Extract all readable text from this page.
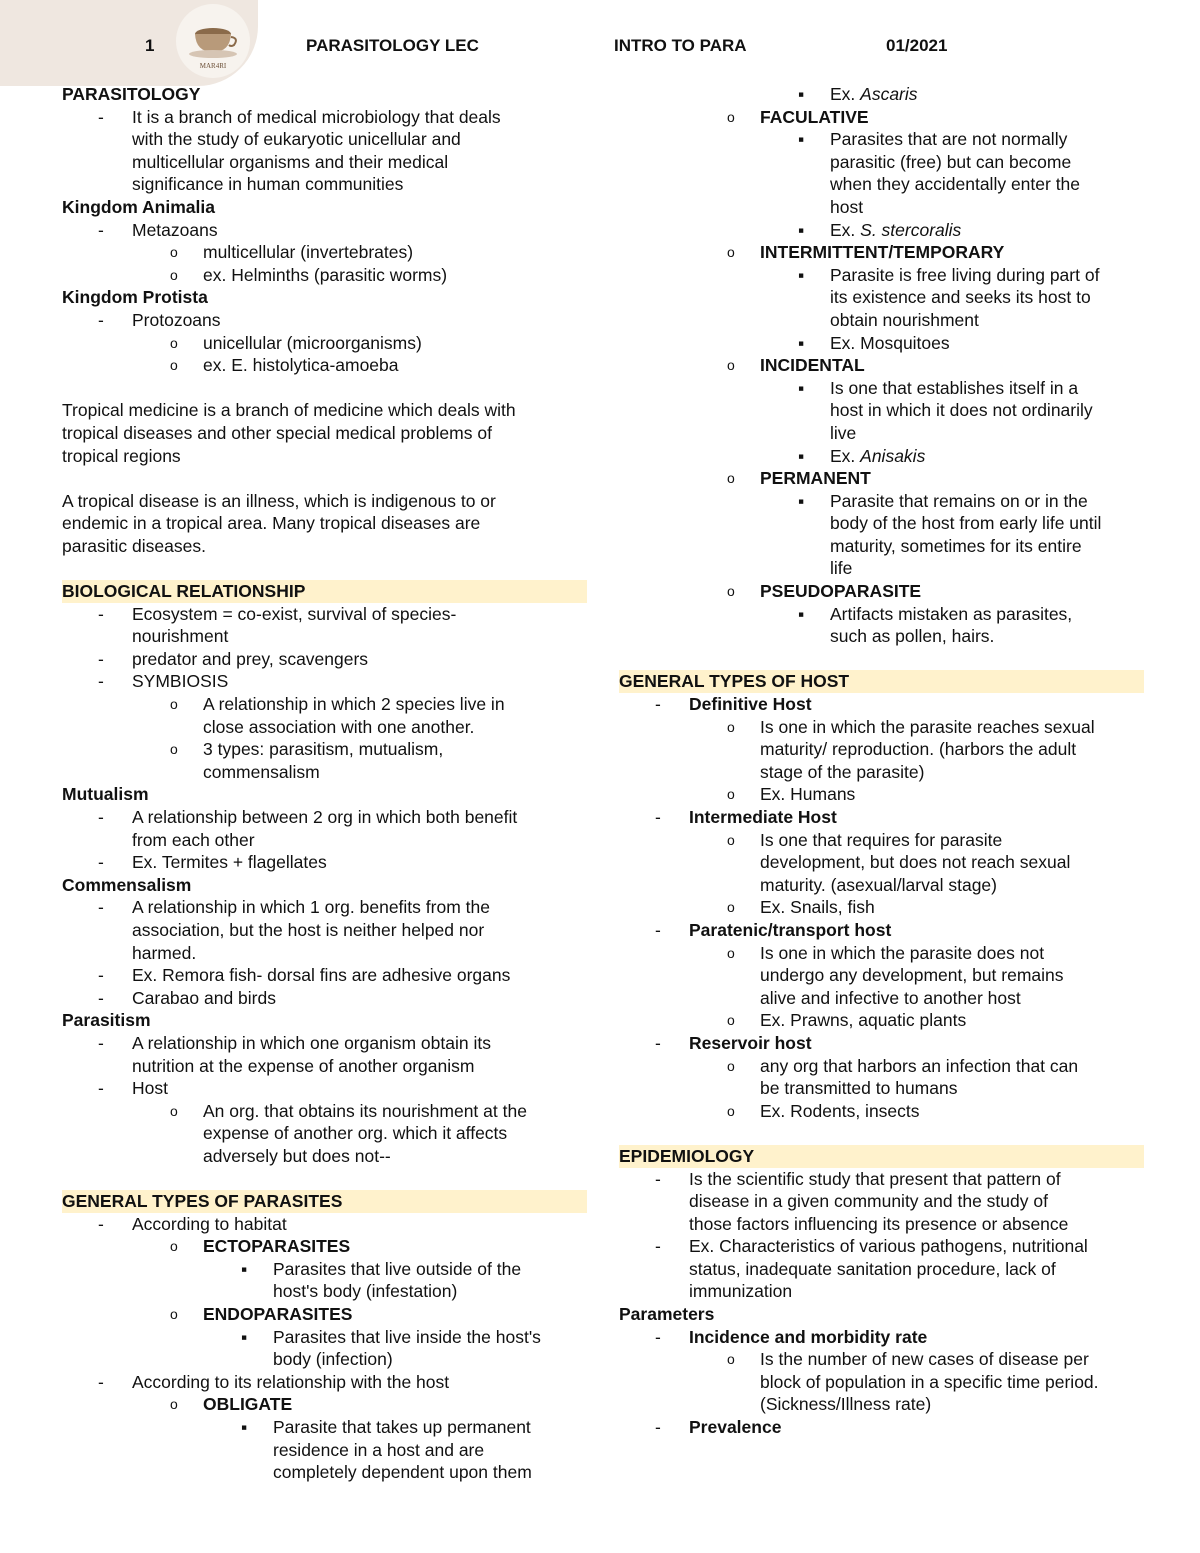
MAR4RI
1	PARASITOLOGY LEC	INTRO TO PARA	01/2021
PARASITOLOGY
- It is a branch of medical microbiology that deals
with the study of eukaryotic unicellular and
multicellular organisms and their medical
significance in human communities
Kingdom Animalia
- Metazoans
o multicellular (invertebrates)
o ex. Helminths (parasitic worms)
Kingdom Protista
- Protozoans
o unicellular (microorganisms)
o ex. E. histolytica-amoeba
Tropical medicine is a branch of medicine which deals with
tropical diseases and other special medical problems of
tropical regions
A tropical disease is an illness, which is indigenous to or
endemic in a tropical area. Many tropical diseases are
parasitic diseases.
BIOLOGICAL RELATIONSHIP
- Ecosystem = co-exist, survival of species-
nourishment
- predator and prey, scavengers
- SYMBIOSIS
o A relationship in which 2 species live in
close association with one another.
o 3 types: parasitism, mutualism,
commensalism
Mutualism
- A relationship between 2 org in which both benefit
from each other
- Ex. Termites + flagellates
Commensalism
- A relationship in which 1 org. benefits from the
association, but the host is neither helped nor
harmed.
- Ex. Remora fish- dorsal fins are adhesive organs
- Carabao and birds
Parasitism
- A relationship in which one organism obtain its
nutrition at the expense of another organism
- Host
o An org. that obtains its nourishment at the
expense of another org. which it affects
adversely but does not--
GENERAL TYPES OF PARASITES
- According to habitat
o ECTOPARASITES
▪ Parasites that live outside of the
host's body (infestation)
o ENDOPARASITES
▪ Parasites that live inside the host's
body (infection)
- According to its relationship with the host
o OBLIGATE
▪ Parasite that takes up permanent
residence in a host and are
completely dependent upon them
▪ Ex. Ascaris
o FACULATIVE
▪ Parasites that are not normally
parasitic (free) but can become
when they accidentally enter the
host
▪ Ex. S. stercoralis
o INTERMITTENT/TEMPORARY
▪ Parasite is free living during part of
its existence and seeks its host to
obtain nourishment
▪ Ex. Mosquitoes
o INCIDENTAL
▪ Is one that establishes itself in a
host in which it does not ordinarily
live
▪ Ex. Anisakis
o PERMANENT
▪ Parasite that remains on or in the
body of the host from early life until
maturity, sometimes for its entire
life
o PSEUDOPARASITE
▪ Artifacts mistaken as parasites,
such as pollen, hairs.
GENERAL TYPES OF HOST
- Definitive Host
o Is one in which the parasite reaches sexual
maturity/ reproduction. (harbors the adult
stage of the parasite)
o Ex. Humans
- Intermediate Host
o Is one that requires for parasite
development, but does not reach sexual
maturity. (asexual/larval stage)
o Ex. Snails, fish
- Paratenic/transport host
o Is one in which the parasite does not
undergo any development, but remains
alive and infective to another host
o Ex. Prawns, aquatic plants
- Reservoir host
o any org that harbors an infection that can
be transmitted to humans
o Ex. Rodents, insects
EPIDEMIOLOGY
- Is the scientific study that present that pattern of
disease in a given community and the study of
those factors influencing its presence or absence
- Ex. Characteristics of various pathogens, nutritional
status, inadequate sanitation procedure, lack of
immunization
Parameters
- Incidence and morbidity rate
o Is the number of new cases of disease per
block of population in a specific time period.
(Sickness/Illness rate)
- Prevalence
